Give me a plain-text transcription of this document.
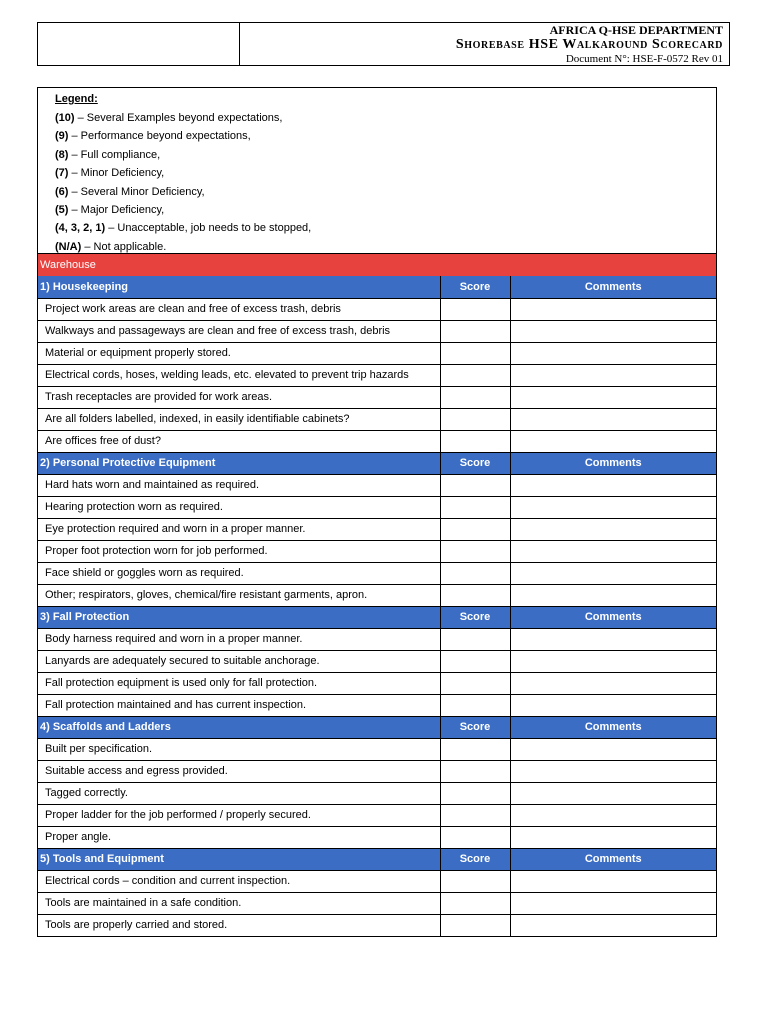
AFRICA Q-HSE DEPARTMENT
Shorebase HSE Walkaround Scorecard
Document N°: HSE-F-0572 Rev 01
Legend:
(10) – Several Examples beyond expectations,
(9) – Performance beyond expectations,
(8) – Full compliance,
(7) – Minor Deficiency,
(6) – Several Minor Deficiency,
(5) – Major Deficiency,
(4, 3, 2, 1) – Unacceptable, job needs to be stopped,
(N/A) – Not applicable.
Warehouse
1) Housekeeping	Score	Comments
Project work areas are clean and free of excess trash, debris		
Walkways and passageways are clean and free of excess trash, debris		
Material or equipment properly stored.		
Electrical cords, hoses, welding leads, etc. elevated to prevent trip hazards		
Trash receptacles are provided for work areas.		
Are all folders labelled, indexed, in easily identifiable cabinets?		
Are offices free of dust?		
2) Personal Protective Equipment	Score	Comments
Hard hats worn and maintained as required.		
Hearing protection worn as required.		
Eye protection required and worn in a proper manner.		
Proper foot protection worn for job performed.		
Face shield or goggles worn as required.		
Other; respirators, gloves, chemical/fire resistant garments, apron.		
3) Fall Protection	Score	Comments
Body harness required and worn in a proper manner.		
Lanyards are adequately secured to suitable anchorage.		
Fall protection equipment is used only for fall protection.		
Fall protection maintained and has current inspection.		
4) Scaffolds and Ladders	Score	Comments
Built per specification.		
Suitable access and egress provided.		
Tagged correctly.		
Proper ladder for the job performed / properly secured.		
Proper angle.		
5) Tools and Equipment	Score	Comments
Electrical cords – condition and current inspection.		
Tools are maintained in a safe condition.		
Tools are properly carried and stored.		
